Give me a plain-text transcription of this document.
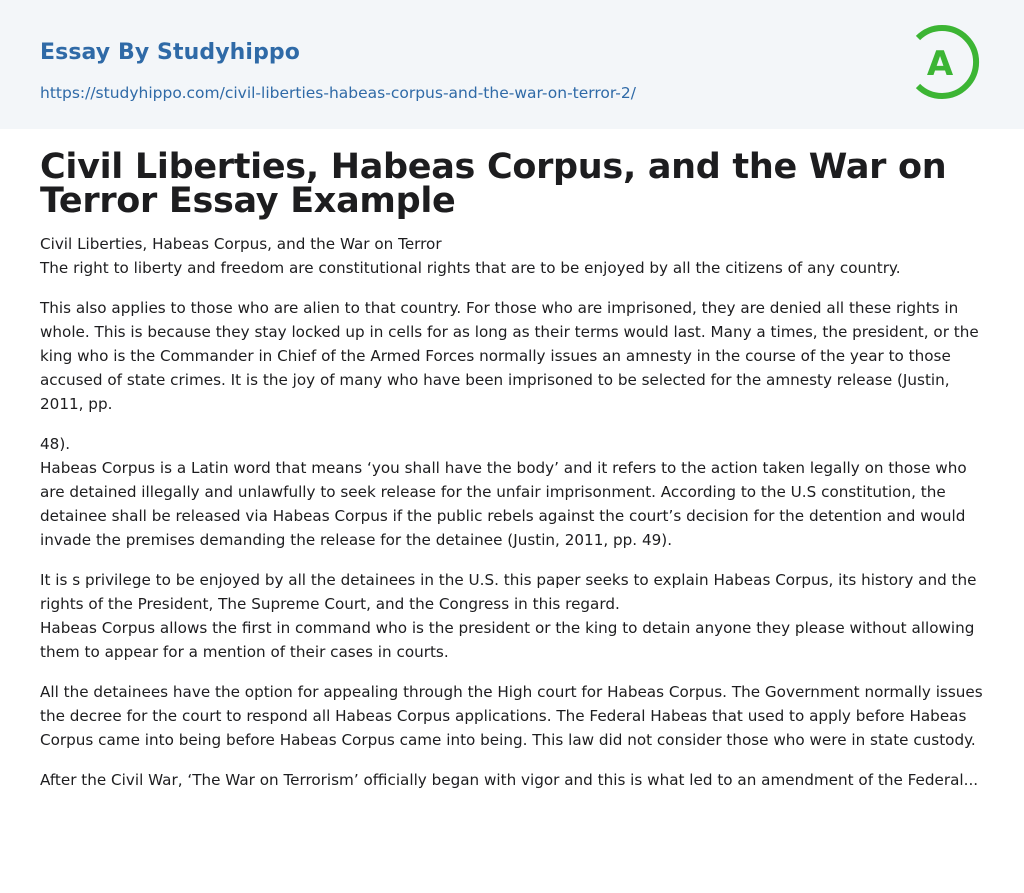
Essay By Studyhippo
https://studyhippo.com/civil-liberties-habeas-corpus-and-the-war-on-terror-2/
A
Civil Liberties, Habeas Corpus, and the War on Terror Essay Example

Civil Liberties, Habeas Corpus, and the War on Terror
The right to liberty and freedom are constitutional rights that are to be enjoyed by all the citizens of any country.

This also applies to those who are alien to that country. For those who are imprisoned, they are denied all these rights in whole. This is because they stay locked up in cells for as long as their terms would last. Many a times, the president, or the king who is the Commander in Chief of the Armed Forces normally issues an amnesty in the course of the year to those accused of state crimes. It is the joy of many who have been imprisoned to be selected for the amnesty release (Justin, 2011, pp.

48).
Habeas Corpus is a Latin word that means ‘you shall have the body’ and it refers to the action taken legally on those who are detained illegally and unlawfully to seek release for the unfair imprisonment. According to the U.S constitution, the detainee shall be released via Habeas Corpus if the public rebels against the court’s decision for the detention and would invade the premises demanding the release for the detainee (Justin, 2011, pp. 49).

It is s privilege to be enjoyed by all the detainees in the U.S. this paper seeks to explain Habeas Corpus, its history and the rights of the President, The Supreme Court, and the Congress in this regard.
Habeas Corpus allows the first in command who is the president or the king to detain anyone they please without allowing them to appear for a mention of their cases in courts.

All the detainees have the option for appealing through the High court for Habeas Corpus. The Government normally issues the decree for the court to respond all Habeas Corpus applications. The Federal Habeas that used to apply before Habeas Corpus came into being before Habeas Corpus came into being. This law did not consider those who were in state custody.

After the Civil War, ‘The War on Terrorism’ officially began with vigor and this is what led to an amendment of the Federal...
